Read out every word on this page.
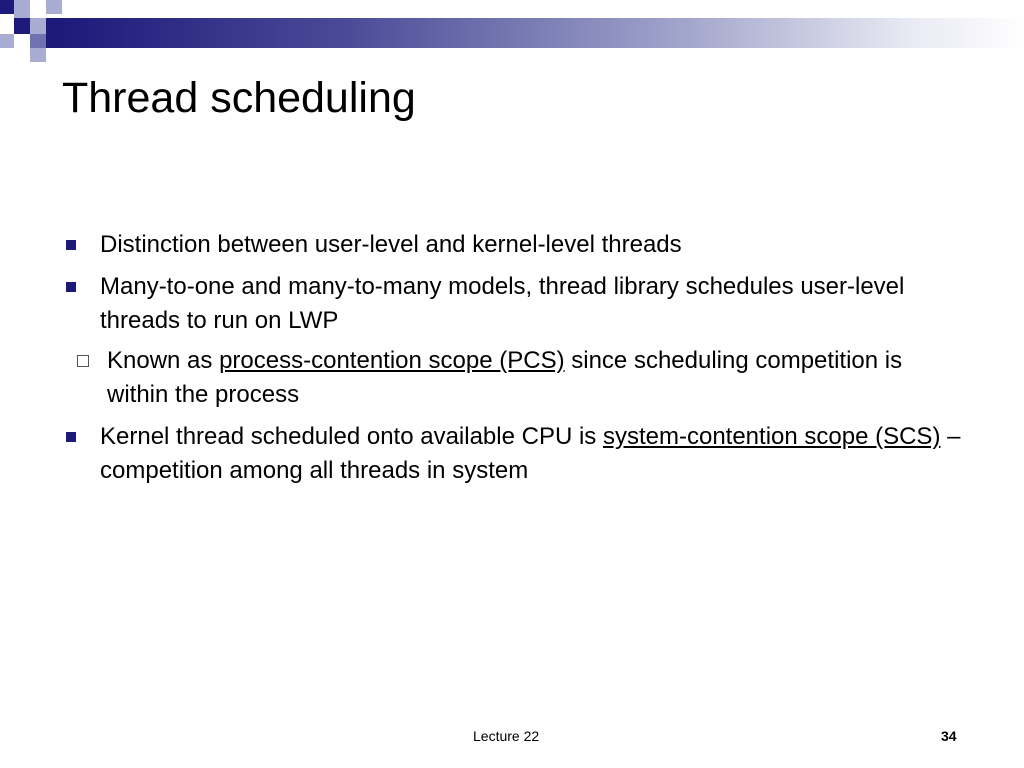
Thread scheduling
Distinction between user-level and kernel-level threads
Many-to-one and many-to-many models, thread library schedules user-level threads to run on LWP
Known as process-contention scope (PCS) since scheduling competition is within the process
Kernel thread scheduled onto available CPU is system-contention scope (SCS) – competition among all threads in system
Lecture 22	34
